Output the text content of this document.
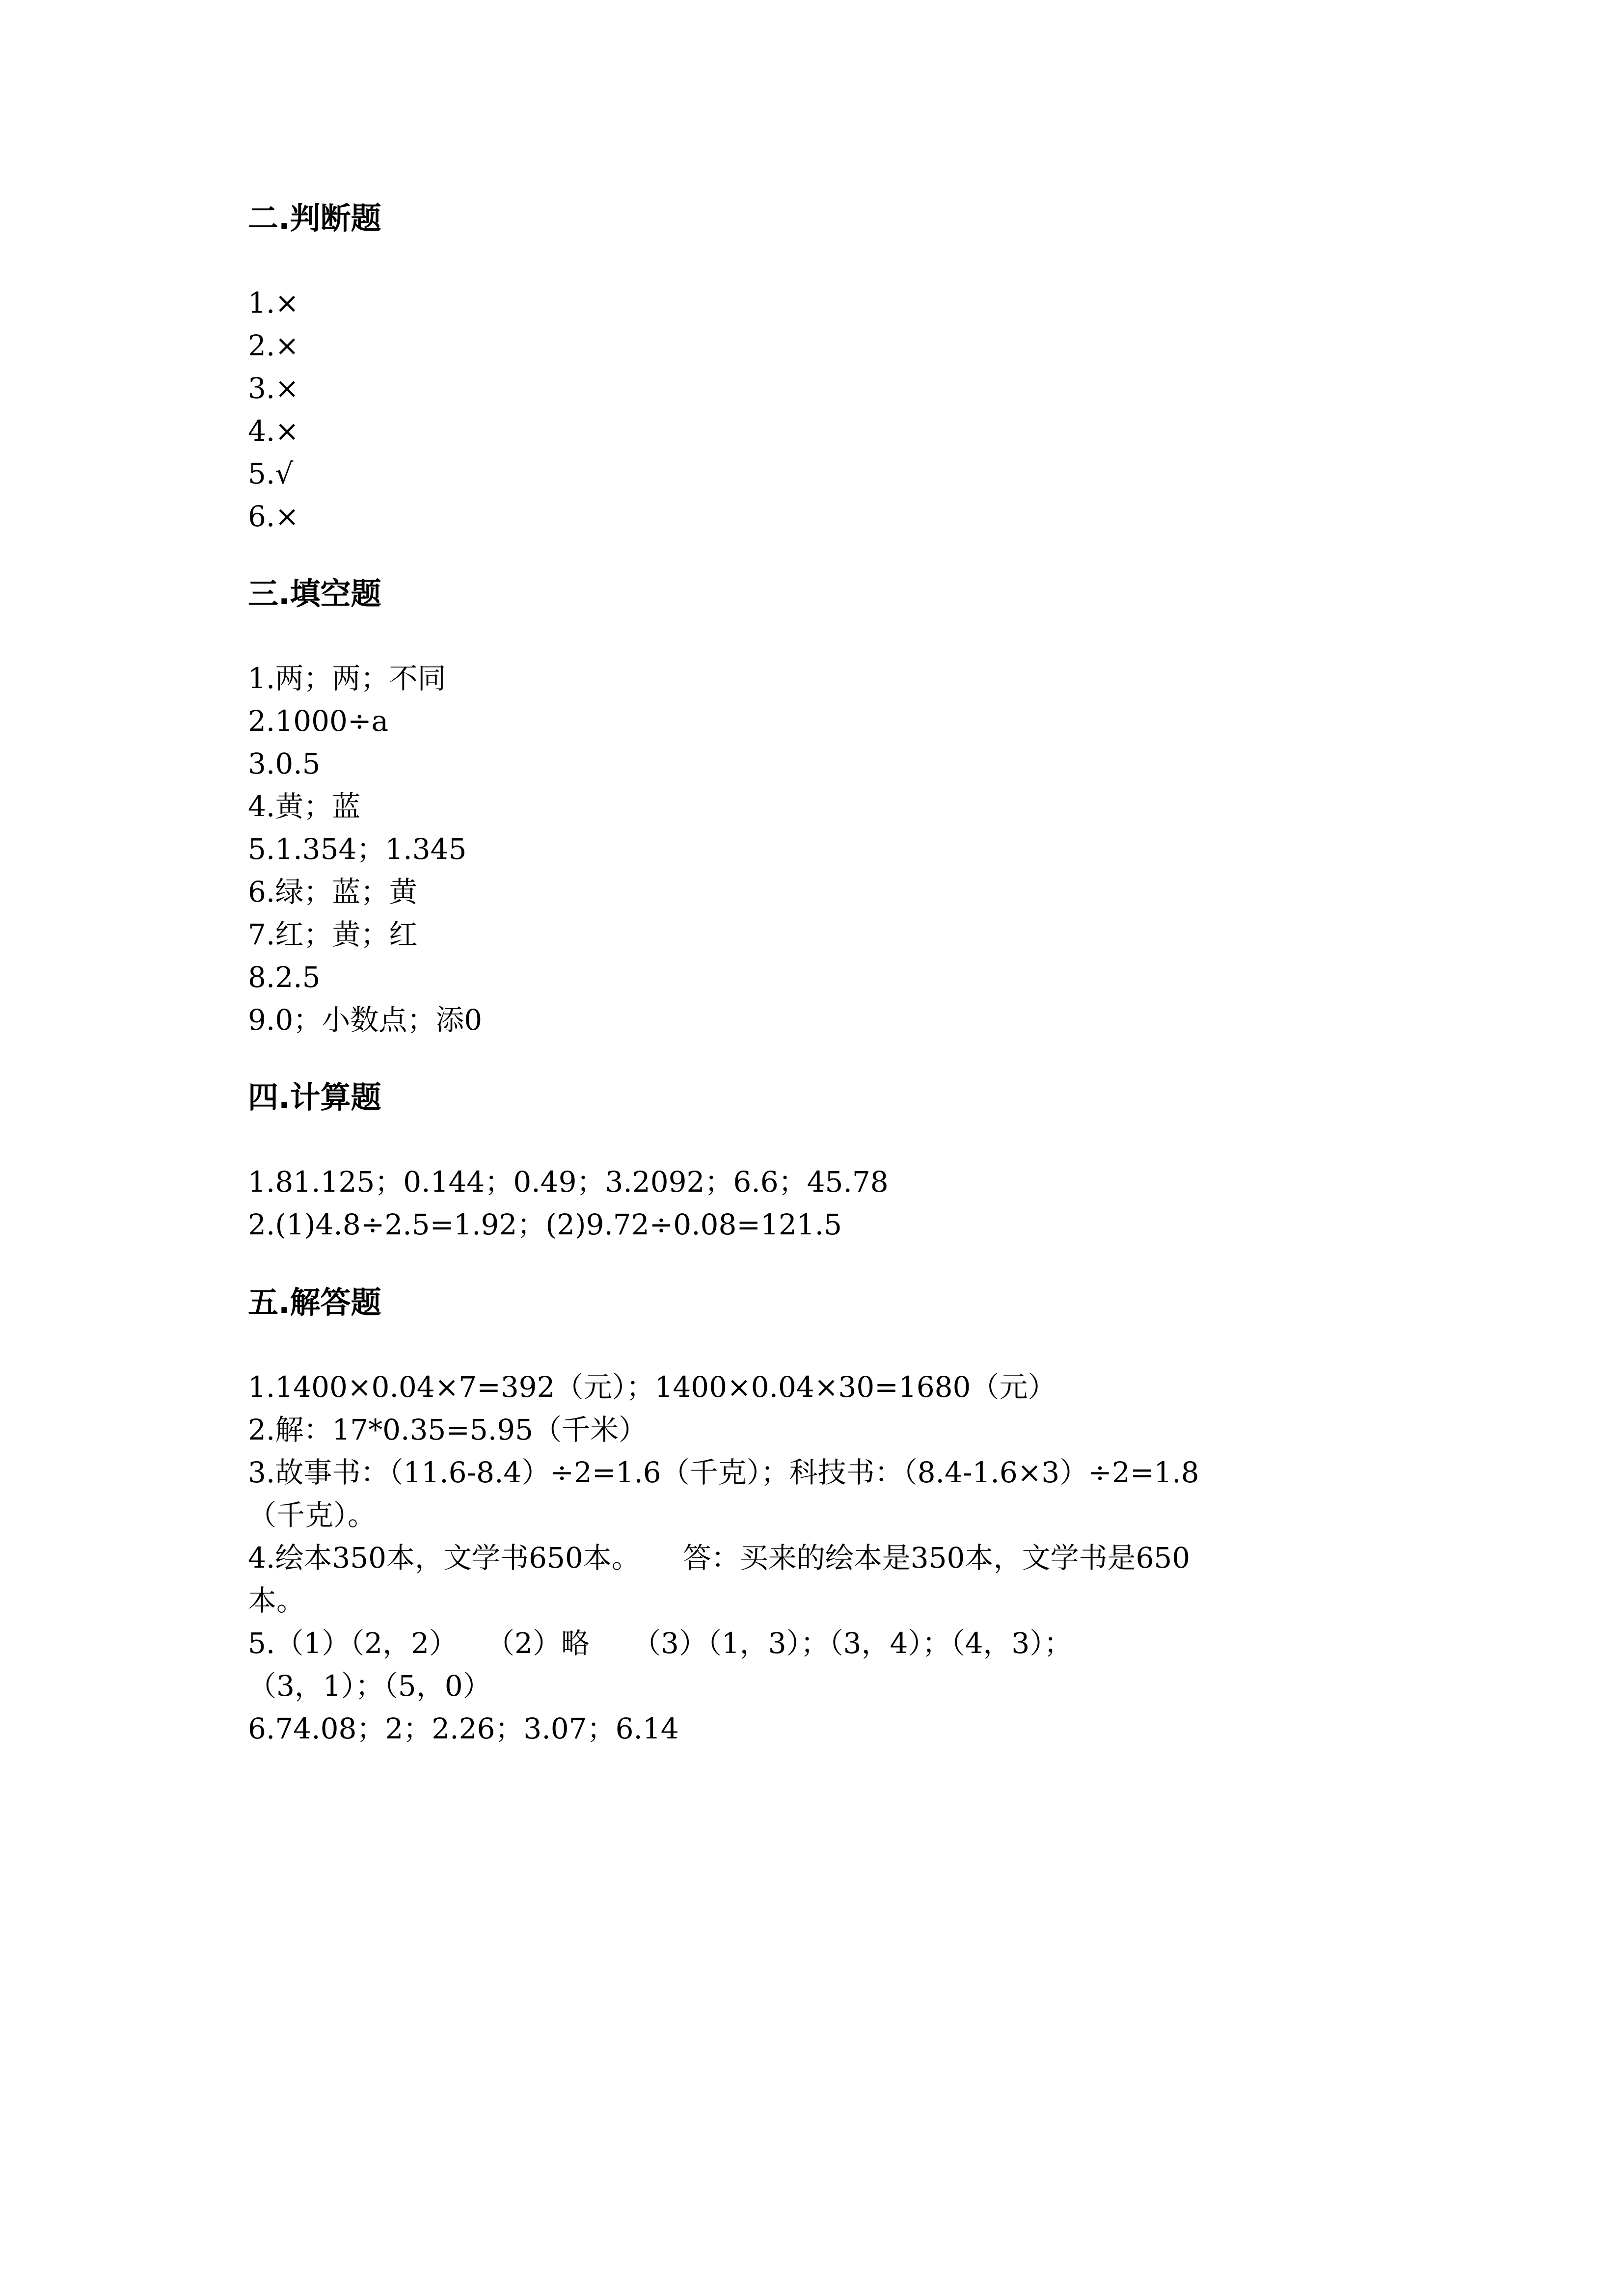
二.判断题
1.×
2.×
3.×
4.×
5.√
6.×
三.填空题
1.两；两；不同
2.1000÷a
3.0.5
4.黄；蓝
5.1.354；1.345
6.绿；蓝；黄
7.红；黄；红
8.2.5
9.0；小数点；添0
四.计算题
1.81.125；0.144；0.49；3.2092；6.6；45.78
2.(1)4.8÷2.5=1.92；(2)9.72÷0.08=121.5
五.解答题
1.1400×0.04×7=392（元）；1400×0.04×30=1680（元）
2.解：17*0.35=5.95（千米）
3.故事书：（11.6-8.4）÷2=1.6（千克）；科技书：（8.4-1.6×3）÷2=1.8
（千克）。
4.绘本350本，文学书650本。　　答：买来的绘本是350本，文学书是650
本。
5.（1）（2，2）　　（2）略　　（3）（1，3）；（3，4）；（4，3）；
（3，1）；（5，0）
6.74.08；2；2.26；3.07；6.14
